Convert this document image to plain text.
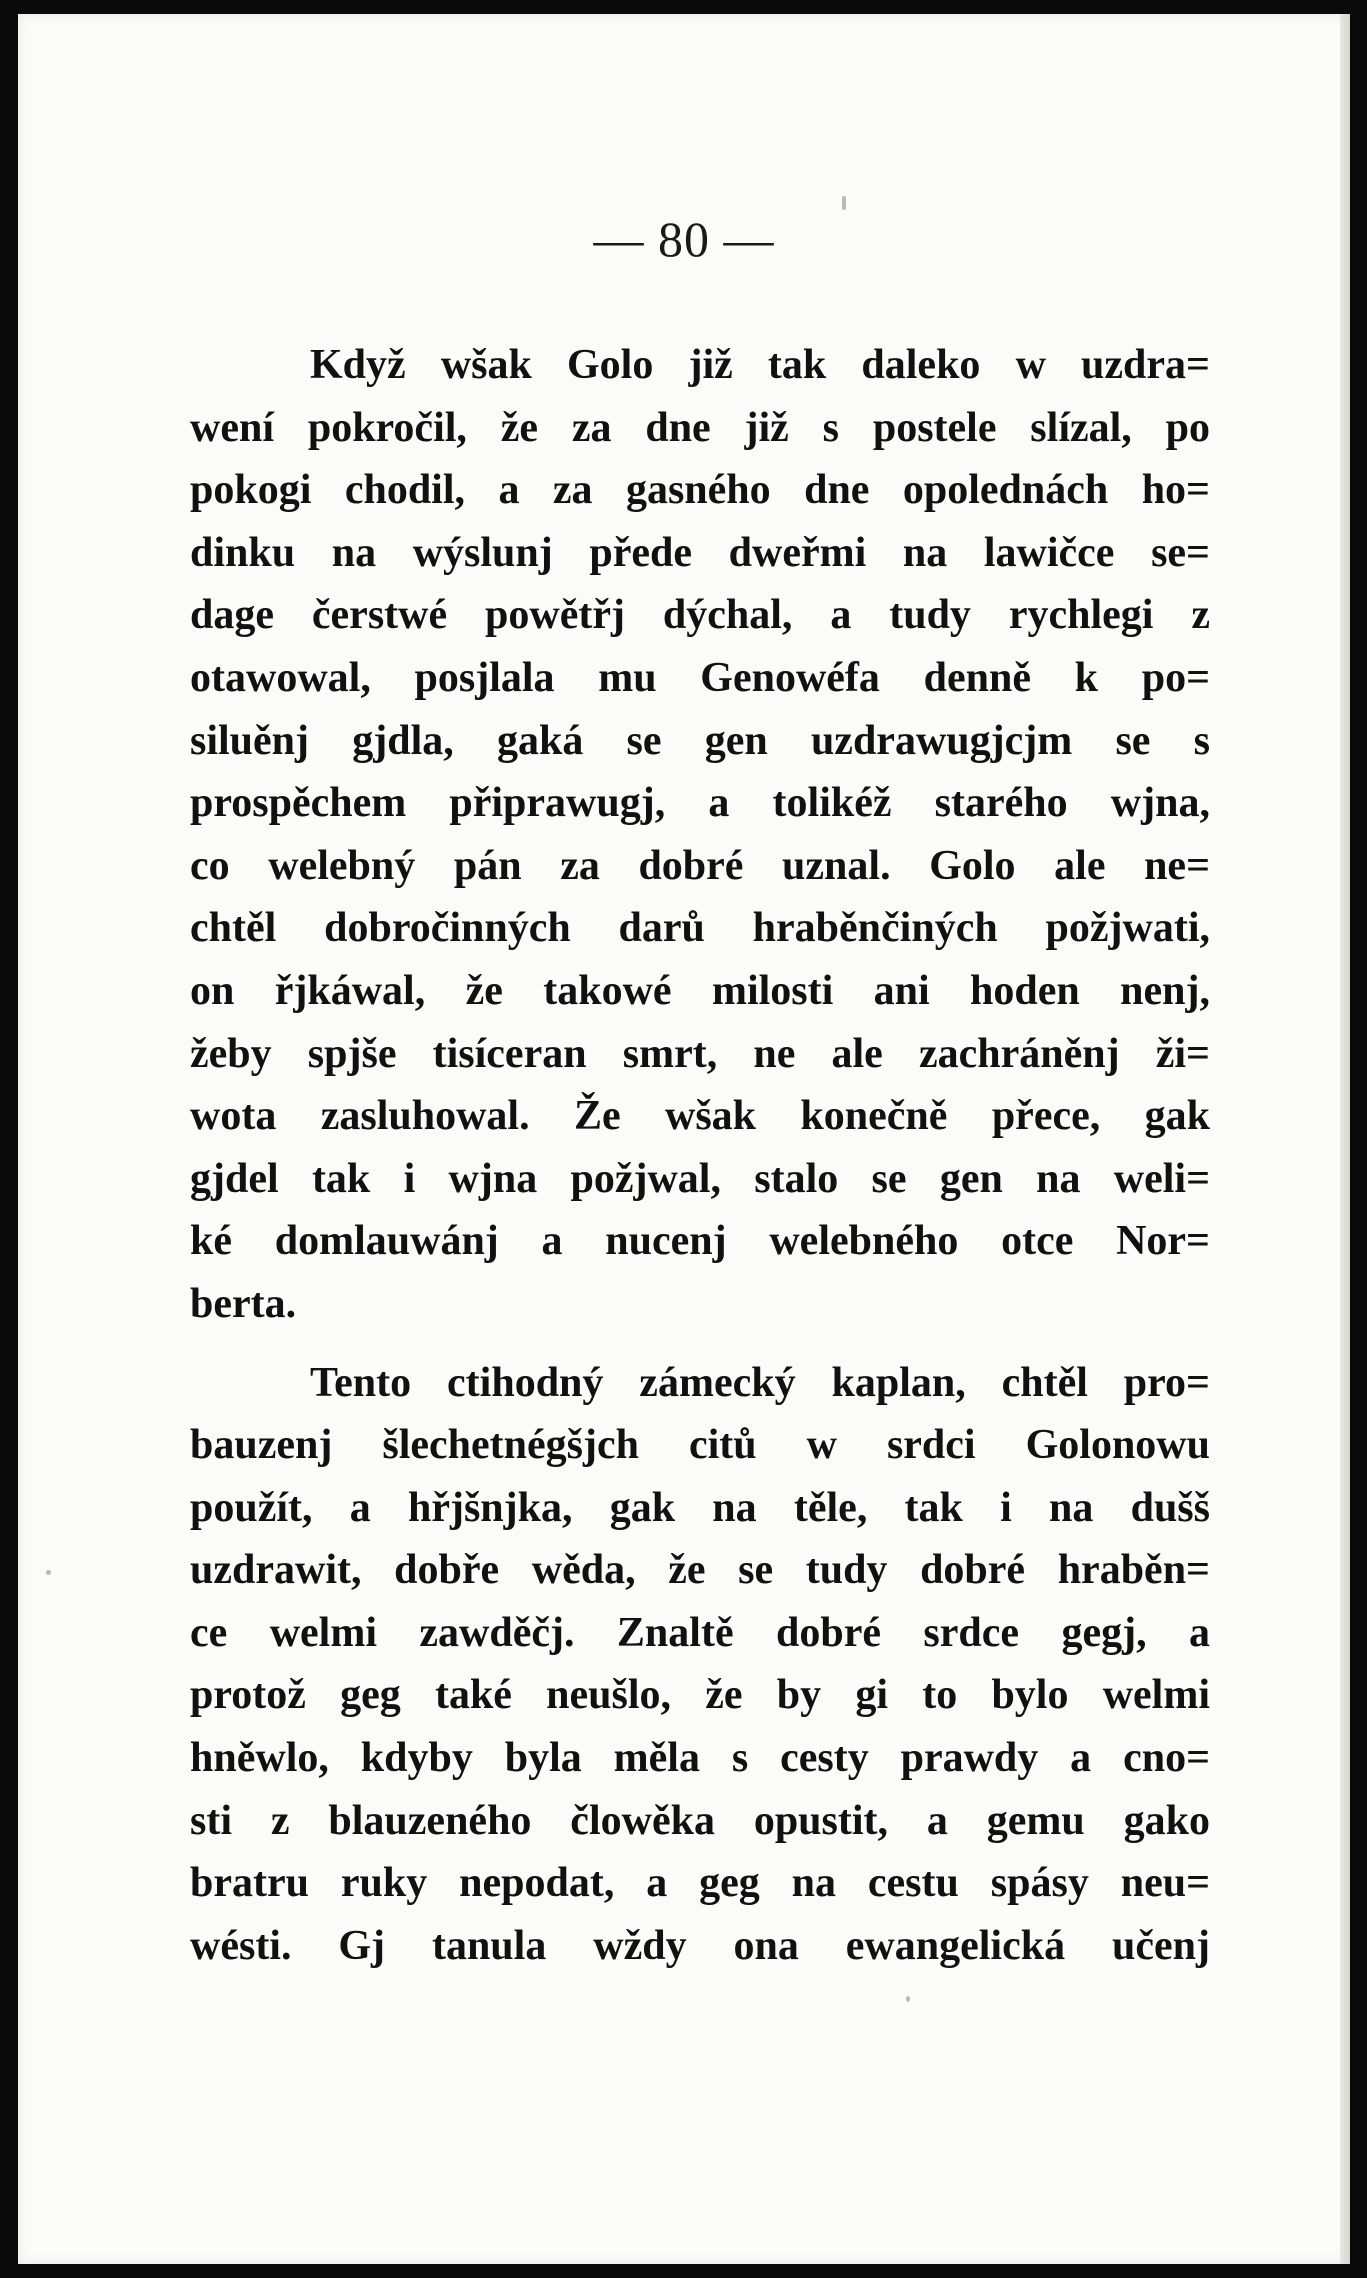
— 80 —
Když wšak Golo již tak daleko w uzdra=
wení pokročil, že za dne již s postele slízal, po
pokogi chodil, a za gasného dne opolednách ho=
dinku na wýslunj přede dweřmi na lawičce se=
dage čerstwé powětřj dýchal, a tudy rychlegi z
otawowal, posjlala mu Genowéfa denně k po=
siluěnj gjdla, gaká se gen uzdrawugjcjm se s
prospěchem připrawugj, a tolikéž starého wjna,
co welebný pán za dobré uznal. Golo ale ne=
chtěl dobročinných darů hraběnčiných požjwati,
on řjkáwal, že takowé milosti ani hoden nenj,
žeby spjše tisíceran smrt, ne ale zachráněnj ži=
wota zasluhowal. Že wšak konečně přece, gak
gjdel tak i wjna požjwal, stalo se gen na weli=
ké domlauwánj a nucenj welebného otce Nor=
berta.
Tento ctihodný zámecký kaplan, chtěl pro=
bauzenj šlechetnégšjch citů w srdci Golonowu
použít, a hřjšnjka, gak na těle, tak i na dušš
uzdrawit, dobře wěda, že se tudy dobré hraběn=
ce welmi zawděčj. Znaltě dobré srdce gegj, a
protož geg také neušlo, že by gi to bylo welmi
hněwlo, kdyby byla měla s cesty prawdy a cno=
sti z blauzeného člowěka opustit, a gemu gako
bratru ruky nepodat, a geg na cestu spásy neu=
wésti. Gj tanula wždy ona ewangelická učenj
